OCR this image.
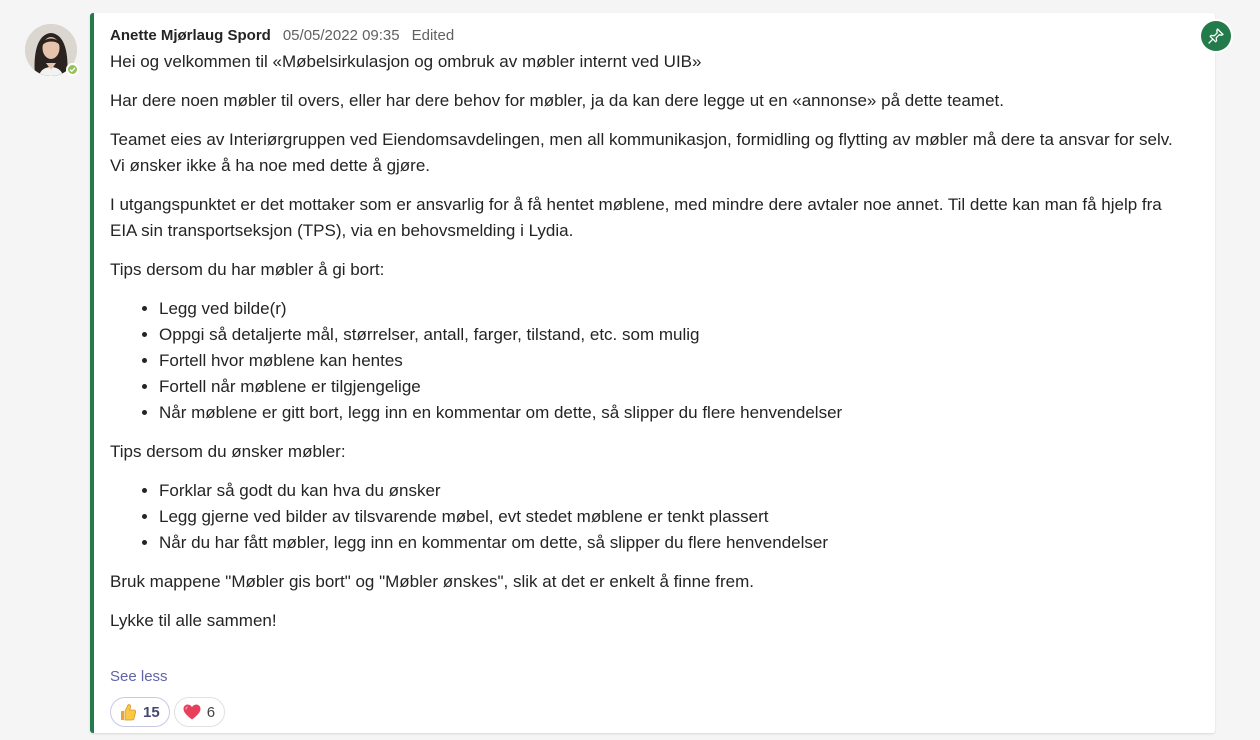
Anette Mjørlaug Spord 05/05/2022 09:35 Edited

Hei og velkommen til «Møbelsirkulasjon og ombruk av møbler internt ved UIB»

Har dere noen møbler til overs, eller har dere behov for møbler, ja da kan dere legge ut en «annonse» på dette teamet.

Teamet eies av Interiørgruppen ved Eiendomsavdelingen, men all kommunikasjon, formidling og flytting av møbler må dere ta ansvar for selv. Vi ønsker ikke å ha noe med dette å gjøre.

I utgangspunktet er det mottaker som er ansvarlig for å få hentet møblene, med mindre dere avtaler noe annet. Til dette kan man få hjelp fra EIA sin transportseksjon (TPS), via en behovsmelding i Lydia.

Tips dersom du har møbler å gi bort:

• Legg ved bilde(r)
• Oppgi så detaljerte mål, størrelser, antall, farger, tilstand, etc. som mulig
• Fortell hvor møblene kan hentes
• Fortell når møblene er tilgjengelige
• Når møblene er gitt bort, legg inn en kommentar om dette, så slipper du flere henvendelser

Tips dersom du ønsker møbler:

• Forklar så godt du kan hva du ønsker
• Legg gjerne ved bilder av tilsvarende møbel, evt stedet møblene er tenkt plassert
• Når du har fått møbler, legg inn en kommentar om dette, så slipper du flere henvendelser

Bruk mappene "Møbler gis bort" og "Møbler ønskes", slik at det er enkelt å finne frem.

Lykke til alle sammen!

See less
15	6
